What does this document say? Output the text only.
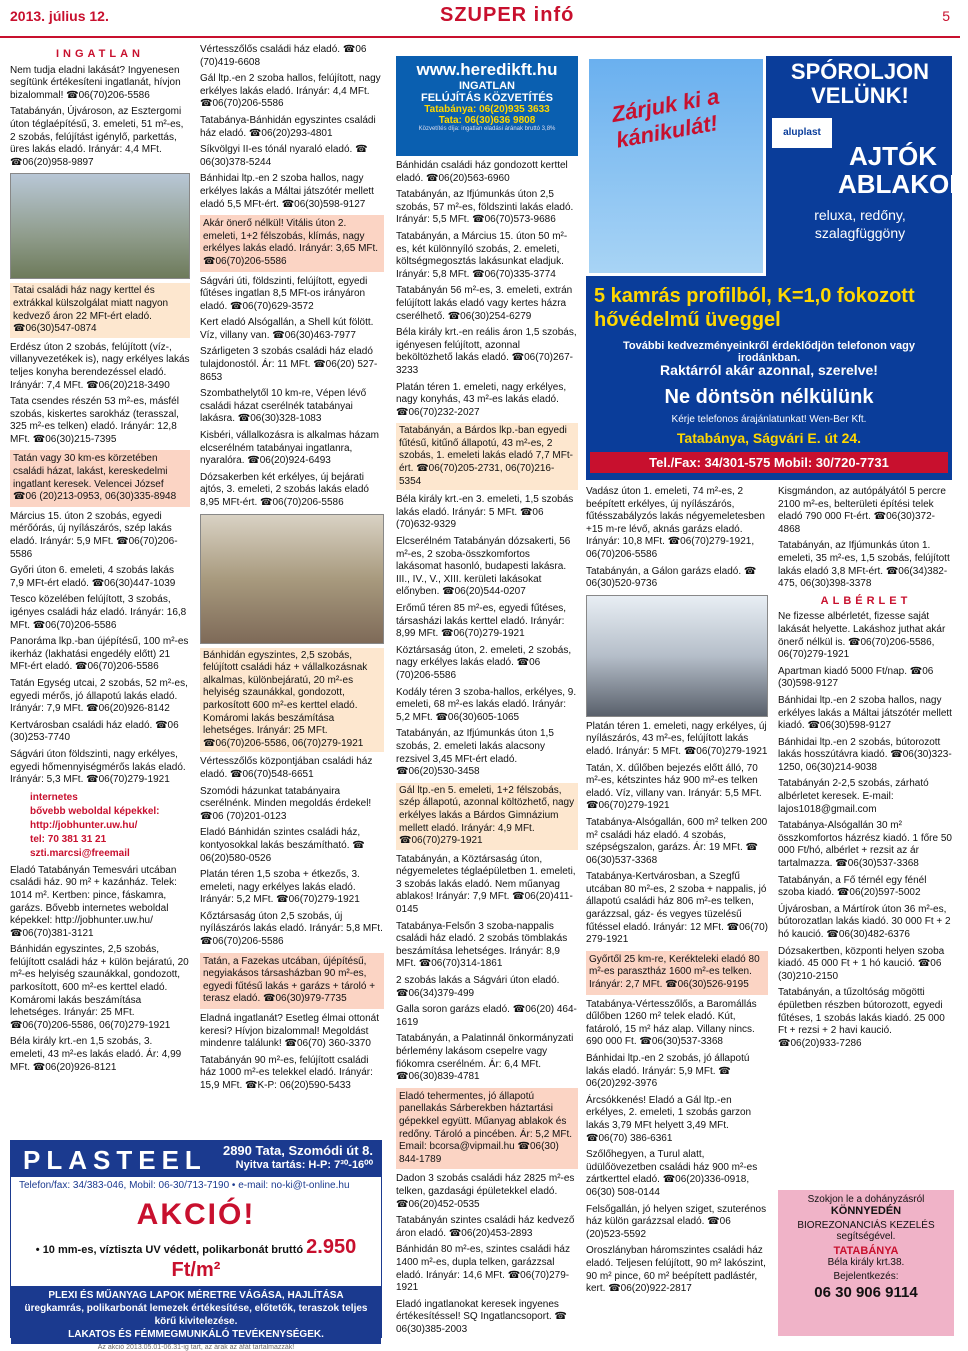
2013. július 12.	SZUPER infó	5
INGATLAN

Nem tudja eladni lakását? Ingyenesen segítünk értékesíteni ingatlanát, hívjon bizalommal! ☎06(70)206-5586

Tatabányán, Újvároson, az Esztergomi úton téglaépítésű, 3. emeleti, 51 m²-es, 2 szobás, felújítást igénylő, parkettás, üres lakás eladó. Irányár: 4,4 MFt. ☎06(20)958-9897

Tatai családi ház nagy kerttel és extrákkal külszolgálat miatt nagyon kedvező áron 22 MFt-ért eladó. ☎06(30)547-0874

Erdész úton 2 szobás, felújított (víz-, villanyvezetékek is), nagy erkélyes lakás teljes konyha berendezéssel eladó. Irányár: 7,4 MFt. ☎06(20)218-3490

Tata csendes részén 53 m²-es, másfél szobás, kiskertes sarokház (terasszal, 325 m²-es telken) eladó. Irányár: 12,8 MFt. ☎06(30)215-7395

Tatán vagy 30 km-es körzetében családi házat, lakást, kereskedelmi ingatlant keresek. Velencei József ☎06 (20)213-0953, 06(30)335-8948

Március 15. úton 2 szobás, egyedi mérőórás, új nyílászárós, szép lakás eladó. Irányár: 5,9 MFt. ☎06(70)206-5586

Győri úton 6. emeleti, 4 szobás lakás 7,9 MFt-ért eladó. ☎06(30)447-1039

Tesco közelében felújított, 3 szobás, igényes családi ház eladó. Irányár: 16,8 MFt. ☎06(70)206-5586

Panoráma lkp.-ban újépítésű, 100 m²-es ikerház (lakhatási engedély előtt) 21 MFt-ért eladó. ☎06(70)206-5586

Tatán Egység utcai, 2 szobás, 52 m²-es, egyedi mérős, jó állapotú lakás eladó. Irányár: 7,9 MFt. ☎06(20)926-8142

Kertvárosban családi ház eladó. ☎06 (30)253-7740

Ságvári úton földszinti, nagy erkélyes, egyedi hőmennyiségmérős lakás eladó. Irányár: 5,3 MFt. ☎06(70)279-1921

internetes
bővebb weboldal képekkel:
http://jobhunter.uw.hu/
tel: 70 381 31 21
szti.marcsi@freemail

Eladó Tatabányán Temesvári utcában családi ház. 90 m² + kazánház. Telek: 1014 m². Kertben: pince, fáskamra, garázs. Bővebb internetes weboldal képekkel: http://jobhunter.uw.hu/ ☎06(70)381-3121

Bánhidán egyszintes, 2,5 szobás, felújított családi ház + külön bejáratú, 20 m²-es helyiség szaunákkal, gondozott, parkosított, 600 m²-es kerttel eladó. Komáromi lakás beszámítása lehetséges. Irányár: 25 MFt. ☎06(70)206-5586, 06(70)279-1921

Béla király krt.-en 1,5 szobás, 3. emeleti, 43 m²-es lakás eladó. Ár: 4,99 MFt. ☎06(20)926-8121

Vértesszőlős családi ház eladó. ☎06 (70)419-6608

Gál ltp.-en 2 szoba hallos, felújított, nagy erkélyes lakás eladó. Irányár: 4,4 MFt. ☎06(70)206-5586

Tatabánya-Bánhidán egyszintes családi ház eladó. ☎06(20)293-4801

Síkvölgyi II-es tónál nyaraló eladó. ☎ 06(30)378-5244

Bánhidai ltp.-en 2 szoba hallos, nagy erkélyes lakás a Máltai játszótér mellett eladó 5,5 MFt-ért. ☎06(30)598-9127

Akár önerő nélkül! Vitális úton 2. emeleti, 1+2 félszobás, klímás, nagy erkélyes lakás eladó. Irányár: 3,65 MFt. ☎06(70)206-5586

Ságvári úti, földszinti, felújított, egyedi fűtéses ingatlan 8,5 MFt-os irányáron eladó. ☎06(70)629-3572

Kert eladó Alsógallán, a Shell kút fölött. Víz, villany van. ☎06(30)463-7977

Szárligeten 3 szobás családi ház eladó tulajdonostól. Ár: 11 MFt. ☎06(20) 527-8653

Szombathelytől 10 km-re, Vépen lévő családi házat cserélnék tatabányai lakásra. ☎06(30)328-1083

Kisbéri, vállalkozásra is alkalmas házam elcserélném tatabányai ingatlanra, nyaralóra. ☎06(20)924-6493

Dózsakerben két erkélyes, új bejárati ajtós, 3. emeleti, 2 szobás lakás eladó 8,95 MFt-ért. ☎06(70)206-5586

Bánhidán egyszintes, 2,5 szobás, felújított családi ház + vállalkozásnak alkalmas, különbejáratú, 20 m²-es helyiség szaunákkal, gondozott, parkosított 600 m²-es kerttel eladó. Komáromi lakás beszámítása lehetséges. Irányár: 25 MFt. ☎06(70)206-5586, 06(70)279-1921

Vértesszőlős központjában családi ház eladó. ☎06(70)548-6651

Szomódi házunkat tatabányaira cserélnénk. Minden megoldás érdekel! ☎06 (70)201-0123

Eladó Bánhidán szintes családi ház, kontyosokkal lakás beszámítható. ☎ 06(20)580-0526

Platán téren 1,5 szoba + étkezős, 3. emeleti, nagy erkélyes lakás eladó. Irányár: 5,2 MFt. ☎06(70)279-1921

Kőztársaság úton 2,5 szobás, új nyílászárós lakás eladó. Irányár: 5,8 MFt. ☎06(70)206-5586

Tatán, a Fazekas utcában, újépítésű, negyiakásos társasházban 90 m²-es, egyedi fűtésű lakás + garázs + tároló + terasz eladó. ☎06(30)979-7735

Eladná ingatlanát? Esetleg élmai ottonát keresi? Hívjon bizalommal! Megoldást mindenre találunk! ☎06(70) 360-3370

Tatabányán 90 m²-es, felújított családi ház 1000 m²-es telekkel eladó. Irányár: 15,9 MFt. ☎K-P: 06(20)590-5433

www.heredikft.hu
INGATLAN
FELÚJÍTÁS KÖZVETÍTÉS
Tatabánya: 06(20)935 3633
Tata: 06(30)636 9808
Közvetítés díja: ingatlan eladási árának bruttó 3,8%

Bánhidán családi ház gondozott kerttel eladó. ☎06(20)563-6960

Tatabányán, az Ifjúmunkás úton 2,5 szobás, 57 m²-es, földszinti lakás eladó. Irányár: 5,5 MFt. ☎06(70)573-9686

Tatabányán, a Március 15. úton 50 m²-es, két különnyíló szobás, 2. emeleti, költségmegosztás lakásunkat eladjuk. Irányár: 5,8 MFt. ☎06(70)335-3774

Tatabányán 56 m²-es, 3. emeleti, extrán felújított lakás eladó vagy kertes házra cserélhető. ☎06(30)254-6279

Béla király krt.-en reális áron 1,5 szobás, igényesen felújított, azonnal beköltözhető lakás eladó. ☎06(70)267-3233

Platán téren 1. emeleti, nagy erkélyes, nagy konyhás, 43 m²-es lakás eladó. ☎06(70)232-2027

Tatabányán, a Bárdos lkp.-ban egyedi fűtésű, kitűnő állapotú, 43 m²-es, 2 szobás, 1. emeleti lakás eladó 7,7 MFt-ért. ☎06(70)205-2731, 06(70)216-5354

Béla király krt.-en 3. emeleti, 1,5 szobás lakás eladó. Irányár: 5 MFt. ☎06 (70)632-9329

Elcserélném Tatabányán dózsakerti, 56 m²-es, 2 szoba-összkomfortos lakásomat hasonló, budapesti lakásra. III., IV., V., XIII. kerületi lakásokat előnyben. ☎06(20)544-0207

Erőmű téren 85 m²-es, egyedi fűtéses, társasházi lakás kerttel eladó. Irányár: 8,99 MFt. ☎06(70)279-1921

Köztársaság úton, 2. emeleti, 2 szobás, nagy erkélyes lakás eladó. ☎06 (70)206-5586

Kodály téren 3 szoba-hallos, erkélyes, 9. emeleti, 68 m²-es lakás eladó. Irányár: 5,2 MFt. ☎06(30)605-1065

Tatabányán, az Ifjúmunkás úton 1,5 szobás, 2. emeleti lakás alacsony rezsivel 3,45 MFt-ért eladó. ☎06(20)530-3458

Gál ltp.-en 5. emeleti, 1+2 félszobás, szép állapotú, azonnal költözhető, nagy erkélyes lakás a Bárdos Gimnázium mellett eladó. Irányár: 4,9 MFt. ☎06(70)279-1921

Tatabányán, a Köztársaság úton, négyemeletes téglaépületben 1. emeleti, 3 szobás lakás eladó. Nem műanyag ablakos! Irányár: 7,9 MFt. ☎06(20)411-0145

Tatabánya-Felsőn 3 szoba-nappalis családi ház eladó. 2 szobás tömblakás beszámítása lehetséges. Irányár: 8,9 MFt. ☎06(70)314-1861

2 szobás lakás a Ságvári úton eladó. ☎06(34)379-499

Galla soron garázs eladó. ☎06(20) 464-1619

Tatabányán, a Palatinnál önkormányzati bérlemény lakásom csepelre vagy fiókomra cserélném. Ár: 6,4 MFt. ☎06(30)839-4781

Eladó tehermentes, jó állapotú panellakás Sárberekben háztartási gépekkel együtt. Műanyag ablakok és redőny. Tároló a pincében. Ár: 5,2 MFt. Email: bcorsa@vipmail.hu ☎06(30) 844-1789

Dadon 3 szobás családi ház 2825 m²-es telken, gazdasági épületekkel eladó. ☎06(20)452-0535

Tatabányán szintes családi ház kedvező áron eladó. ☎06(20)453-2893

Bánhidán 80 m²-es, szintes családi ház 1400 m²-es, dupla telken, garázzsal eladó. Irányár: 14,6 MFt. ☎06(70)279-1921

Eladó ingatlanokat keresek ingyenes értékesítéssel! SQ Ingatlancsoport. ☎ 06(30)385-2003

Zárjuk ki a kánikulát!
SPÓROLJON VELÜNK!
aluplast
AJTÓK ABLAKOK
reluxa, redőny, szalagfüggöny
5 kamrás profilból, K=1,0 fokozott hővédelmű üveggel
További kedvezményeinkről érdeklődjön telefonon vagy irodánkban.
Raktárról akár azonnal, szerelve!
Ne döntsön nélkülünk
Kérje telefonos árajánlatunkat! Wen-Ber Kft.
Tatabánya, Ságvári E. út 24.
Tel./Fax: 34/301-575 Mobil: 30/720-7731

Vadász úton 1. emeleti, 74 m²-es, 2 beépített erkélyes, új nyílászárós, fűtésszabályzós lakás négyemeletesben +15 m-re lévő, aknás garázs eladó. Irányár: 10,8 MFt. ☎06(70)279-1921, 06(70)206-5586

Tatabányán, a Gálon garázs eladó. ☎ 06(30)520-9736

Platán téren 1. emeleti, nagy erkélyes, új nyílászárós, 43 m²-es, felújított lakás eladó. Irányár: 5 MFt. ☎06(70)279-1921

Tatán, X. dűlőben bejezés előtt álló, 70 m²-es, kétszintes ház 900 m²-es telken eladó. Víz, villany van. Irányár: 5,5 MFt. ☎06(70)279-1921

Tatabánya-Alsógallán, 600 m² telken 200 m² családi ház eladó. 4 szobás, szépségszalon, garázs. Ár: 19 MFt. ☎ 06(30)537-3368

Tatabánya-Kertvárosban, a Szegfű utcában 80 m²-es, 2 szoba + nappalis, jó állapotú családi ház 806 m²-es telken, garázzsal, gáz- és vegyes tüzelésű fűtéssel eladó. Irányár: 12 MFt. ☎06(70) 279-1921

Győrtől 25 km-re, Kerékteleki eladó 80 m²-es parasztház 1600 m²-es telken. Irányár: 2,7 MFt. ☎06(30)526-9195

Tatabánya-Vértesszőlős, a Baromállás dűlőben 1260 m² telek eladó. Kút, fatároló, 15 m² ház alap. Villany nincs. 690 000 Ft. ☎06(30)537-3368

Bánhidai ltp.-en 2 szobás, jó állapotú lakás eladó. Irányár: 5,9 MFt. ☎ 06(20)292-3976

Árcsókkenés! Eladó a Gál ltp.-en erkélyes, 2. emeleti, 1 szobás garzon lakás 3,79 MFt helyett 3,49 MFt. ☎06(70) 386-6361

Szőlőhegyen, a Turul alatt, üdülőövezetben családi ház 900 m²-es zártkerttel eladó. ☎06(20)336-0918, 06(30) 508-0144

Felsőgallán, jó helyen sziget, szuterénos ház külön garázzsal eladó. ☎06 (20)523-5592

Oroszlányban háromszintes családi ház eladó. Teljesen felújított, 90 m² lakószint, 90 m² pince, 60 m² beépített padlástér, kert. ☎06(20)922-2817

Kisgmándon, az autópályától 5 percre 2100 m²-es, belterületi építési telek eladó 790 000 Ft-ért. ☎06(30)372-4868

Tatabányán, az Ifjúmunkás úton 1. emeleti, 35 m²-es, 1,5 szobás, felújított lakás eladó 3,8 MFt-ért. ☎06(34)382-475, 06(30)398-3378

ALBÉRLET

Ne fizesse albérletét, fizesse saját lakását helyette. Lakáshoz juthat akár önerő nélkül is. ☎06(70)206-5586, 06(70)279-1921

Apartman kiadó 5000 Ft/nap. ☎06 (30)598-9127

Bánhidai ltp.-en 2 szoba hallos, nagy erkélyes lakás a Máltai játszótér mellett kiadó. ☎06(30)598-9127

Bánhidai ltp.-en 2 szobás, bútorozott lakás hosszútávra kiadó. ☎06(30)323-1250, 06(30)214-9038

Tatabányán 2-2,5 szobás, zárható albérletet keresek. E-mail: lajos1018@gmail.com

Tatabánya-Alsógallán 30 m² összkomfortos házrész kiadó. 1 főre 50 000 Ft/hó, albérlet + rezsit az ár tartalmazza. ☎06(30)537-3368

Tatabányán, a Fő térnél egy fénél szoba kiadó. ☎06(20)597-5002

Újvárosban, a Mártírok úton 36 m²-es, bútorozatlan lakás kiadó. 30 000 Ft + 2 hó kaució. ☎06(30)482-6376

Dózsakertben, központi helyen szoba kiadó. 45 000 Ft + 1 hó kaució. ☎06 (30)210-2150

Tatabányán, a tűzoltóság mögötti épületben részben bútorozott, egyedi fűtéses, 1 szobás lakás kiadó. 25 000 Ft + rezsi + 2 havi kaució. ☎06(20)933-7286

PLASTEEL 2890 Tata, Szomódi út 8.
Nyitva tartás: H-P: 7³⁰-16⁰⁰
Telefon/fax: 34/383-046, Mobil: 06-30/713-7190 • e-mail: no-ki@t-online.hu
AKCIÓ!
• 10 mm-es, víztiszta UV védett, polikarbonát bruttó 2.950 Ft/m²
PLEXI ÉS MŰANYAG LAPOK MÉRETRE VÁGÁSA, HAJLÍTÁSA
üregkamrás, polikarbonát lemezek értékesítése, előtetők, teraszok teljes körű kivitelezése.
LAKATOS ÉS FÉMMEGMUNKÁLÓ TEVÉKENYSÉGEK.
Az akció 2013.05.01-06.31-ig tart, az árak az áfát tartalmazzák!
Szokjon le a dohányzásról
KÖNNYEDÉN
BIOREZONANCIÁS KEZELÉS segítségével.
TATABÁNYA
Béla király krt.38.
Bejelentkezés:
06 30 906 9114
